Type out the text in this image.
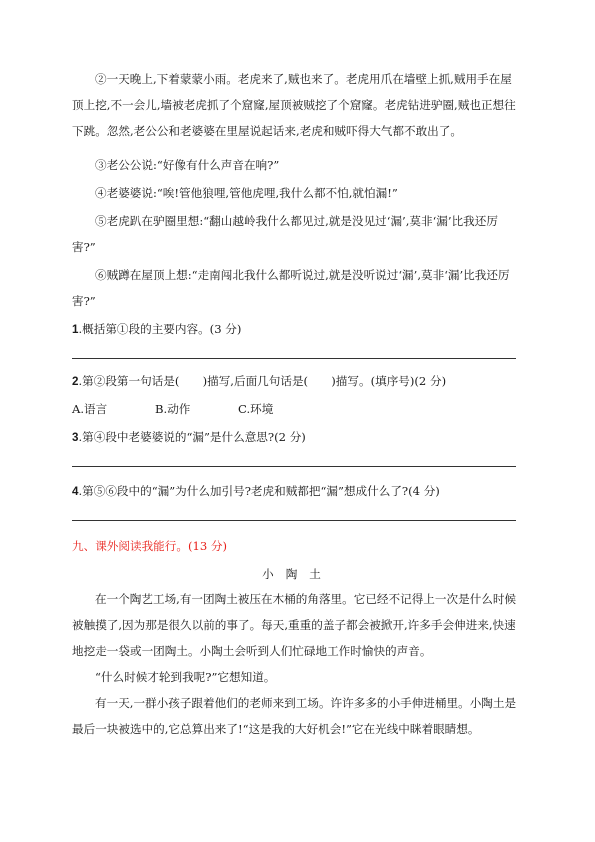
②一天晚上,下着蒙蒙小雨。老虎来了,贼也来了。老虎用爪在墙壁上抓,贼用手在屋顶上挖,不一会儿,墙被老虎抓了个窟窿,屋顶被贼挖了个窟窿。老虎钻进驴圈,贼也正想往下跳。忽然,老公公和老婆婆在里屋说起话来,老虎和贼吓得大气都不敢出了。

③老公公说:“好像有什么声音在响?”

④老婆婆说:“唉!管他狼哩,管他虎哩,我什么都不怕,就怕漏!”

⑤老虎趴在驴圈里想:“翻山越岭我什么都见过,就是没见过‘漏’,莫非‘漏’比我还厉害?”

⑥贼蹲在屋顶上想:“走南闯北我什么都听说过,就是没听说过‘漏’,莫非‘漏’比我还厉害?”

1.概括第①段的主要内容。(3 分)

2.第②段第一句话是(　　)描写,后面几句话是(　　)描写。(填序号)(2 分)

A.语言	B.动作	C.环境

3.第④段中老婆婆说的“漏”是什么意思?(2 分)

4.第⑤⑥段中的“漏”为什么加引号?老虎和贼都把“漏”想成什么了?(4 分)

九、课外阅读我能行。(13 分)

小陶土

在一个陶艺工场,有一团陶土被压在木桶的角落里。它已经不记得上一次是什么时候被触摸了,因为那是很久以前的事了。每天,重重的盖子都会被掀开,许多手会伸进来,快速地挖走一袋或一团陶土。小陶土会听到人们忙碌地工作时愉快的声音。

“什么时候才轮到我呢?”它想知道。

有一天,一群小孩子跟着他们的老师来到工场。许许多多的小手伸进桶里。小陶土是最后一块被选中的,它总算出来了!“这是我的大好机会!”它在光线中眯着眼睛想。
